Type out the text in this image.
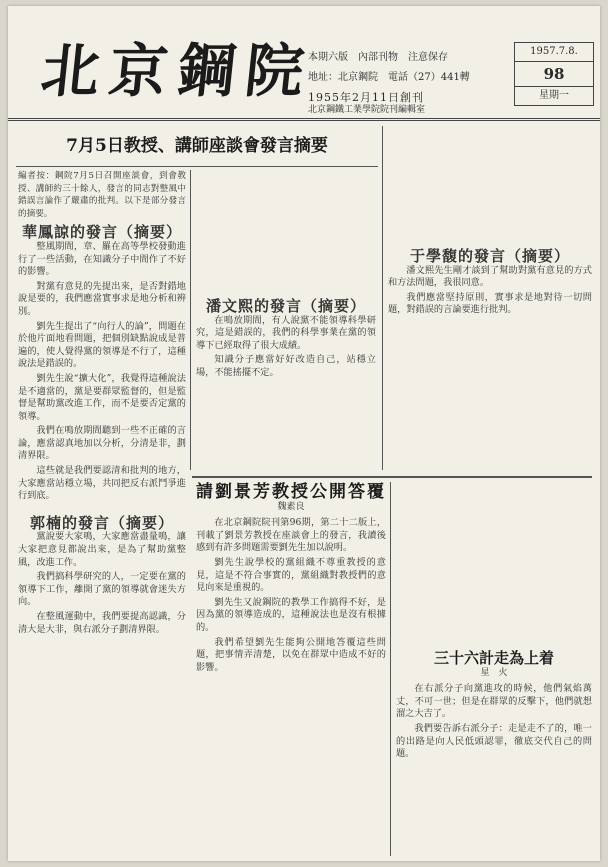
北京鋼院
本期六版　內部刊物　注意保存
地址：北京鋼院　電話（27）441轉
1955年2月11日創刊
1957.7.8.
98
星期一
北京鋼鐵工業學院院刊編輯室
7月5日教授、講師座談會發言摘要

編者按：鋼院7月5日召開座談會，到會教授、講師約三十餘人，發言的同志對整風中錯誤言論作了嚴肅的批判。以下是部分發言的摘要。

華鳳諒的發言（摘要）

整風期間，章、羅在高等學校發動進行了一些活動，在知識分子中間作了不好的影響。

對黨有意見的先提出來，是否對錯地說是要的，我們應當實事求是地分析和辨別。

劉先生提出了“向行人的論”，問題在於他片面地看問題，把個別缺點說成是普遍的，使人覺得黨的領導是不行了，這種說法是錯誤的。

劉先生說“擴大化”，我覺得這種說法是不適當的，黨是要群眾監督的，但是監督是幫助黨改進工作，而不是要否定黨的領導。

我們在鳴放期間聽到一些不正確的言論，應當認真地加以分析，分清是非，劃清界限。

這些就是我們要認清和批判的地方，大家應當站穩立場，共同把反右派鬥爭進行到底。

郭楠的發言（摘要）

黨說要大家鳴，大家應當盡量鳴，讓大家把意見都說出來，是為了幫助黨整風，改進工作。

我們搞科學研究的人，一定要在黨的領導下工作，離開了黨的領導就會迷失方向。

在整風運動中，我們要提高認識，分清大是大非，與右派分子劃清界限。

潘文熙的發言（摘要）

在鳴放期間，有人說黨不能領導科學研究，這是錯誤的，我們的科學事業在黨的領導下已經取得了很大成績。

知識分子應當好好改造自己，站穩立場，不能搖擺不定。

于學馥的發言（摘要）

潘文熙先生剛才談到了幫助對黨有意見的方式和方法問題，我很同意。

我們應當堅持原則，實事求是地對待一切問題，對錯誤的言論要進行批判。

請劉景芳教授公開答覆
魏素良

在北京鋼院院刊第96期，第二十二版上，刊載了劉景芳教授在座談會上的發言，我讀後感到有許多問題需要劉先生加以說明。

劉先生說學校的黨組織不尊重教授的意見，這是不符合事實的，黨組織對教授們的意見向來是重視的。

劉先生又說鋼院的教學工作搞得不好，是因為黨的領導造成的，這種說法也是沒有根據的。

我們希望劉先生能夠公開地答覆這些問題，把事情弄清楚，以免在群眾中造成不好的影響。

三十六計走為上着
星　火

在右派分子向黨進攻的時候，他們氣焰萬丈，不可一世；但是在群眾的反擊下，他們就想溜之大吉了。

我們要告訴右派分子：走是走不了的，唯一的出路是向人民低頭認罪，徹底交代自己的問題。
